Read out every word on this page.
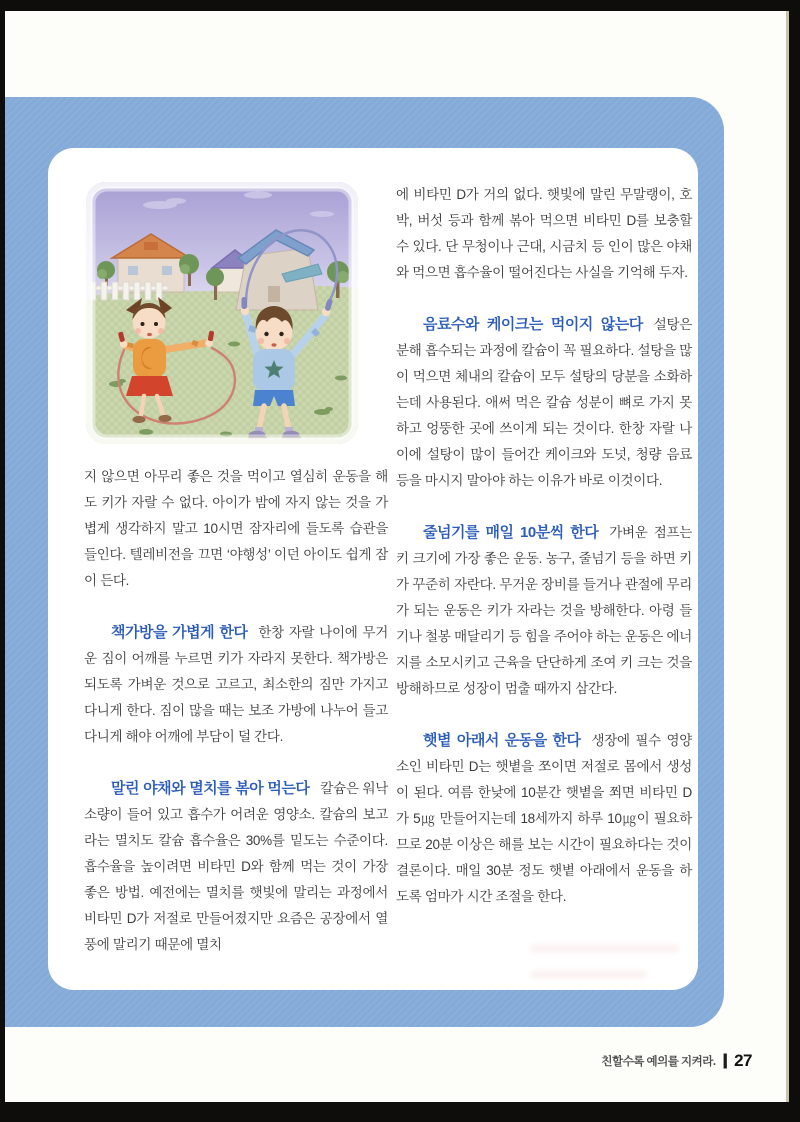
지 않으면 아무리 좋은 것을 먹이고 열심히 운동을 해도 키가 자랄 수 없다. 아이가 밤에 자지 않는 것을 가볍게 생각하지 말고 10시면 잠자리에 들도록 습관을 들인다. 텔레비전을 끄면 ‘야행성’ 이던 아이도 쉽게 잠이 든다.

책가방을 가볍게 한다 한창 자랄 나이에 무거운 짐이 어깨를 누르면 키가 자라지 못한다. 책가방은 되도록 가벼운 것으로 고르고, 최소한의 짐만 가지고 다니게 한다. 짐이 많을 때는 보조 가방에 나누어 들고 다니게 해야 어깨에 부담이 덜 간다.

말린 야채와 멸치를 볶아 먹는다 칼슘은 워낙 소량이 들어 있고 흡수가 어려운 영양소. 칼슘의 보고라는 멸치도 칼슘 흡수율은 30%를 밑도는 수준이다. 흡수율을 높이려면 비타민 D와 함께 먹는 것이 가장 좋은 방법. 예전에는 멸치를 햇빛에 말리는 과정에서 비타민 D가 저절로 만들어졌지만 요즘은 공장에서 열풍에 말리기 때문에 멸치

에 비타민 D가 거의 없다. 햇빛에 말린 무말랭이, 호박, 버섯 등과 함께 볶아 먹으면 비타민 D를 보충할 수 있다. 단 무청이나 근대, 시금치 등 인이 많은 야채와 먹으면 흡수율이 떨어진다는 사실을 기억해 두자.

음료수와 케이크는 먹이지 않는다 설탕은 분해 흡수되는 과정에 칼슘이 꼭 필요하다. 설탕을 많이 먹으면 체내의 칼슘이 모두 설탕의 당분을 소화하는데 사용된다. 애써 먹은 칼슘 성분이 뼈로 가지 못하고 엉뚱한 곳에 쓰이게 되는 것이다. 한창 자랄 나이에 설탕이 많이 들어간 케이크와 도넛, 청량 음료 등을 마시지 말아야 하는 이유가 바로 이것이다.

줄넘기를 매일 10분씩 한다 가벼운 점프는 키 크기에 가장 좋은 운동. 농구, 줄넘기 등을 하면 키가 꾸준히 자란다. 무거운 장비를 들거나 관절에 무리가 되는 운동은 키가 자라는 것을 방해한다. 아령 들기나 철봉 매달리기 등 힘을 주어야 하는 운동은 에너지를 소모시키고 근육을 단단하게 조여 키 크는 것을 방해하므로 성장이 멈출 때까지 삼간다.

햇볕 아래서 운동을 한다 생장에 필수 영양소인 비타민 D는 햇볕을 쪼이면 저절로 몸에서 생성이 된다. 여름 한낮에 10분간 햇볕을 쬐면 비타민 D가 5㎍ 만들어지는데 18세까지 하루 10㎍이 필요하므로 20분 이상은 해를 보는 시간이 필요하다는 것이 결론이다. 매일 30분 정도 햇볕 아래에서 운동을 하도록 엄마가 시간 조절을 한다.

친할수록 예의를 지켜라. | 27
